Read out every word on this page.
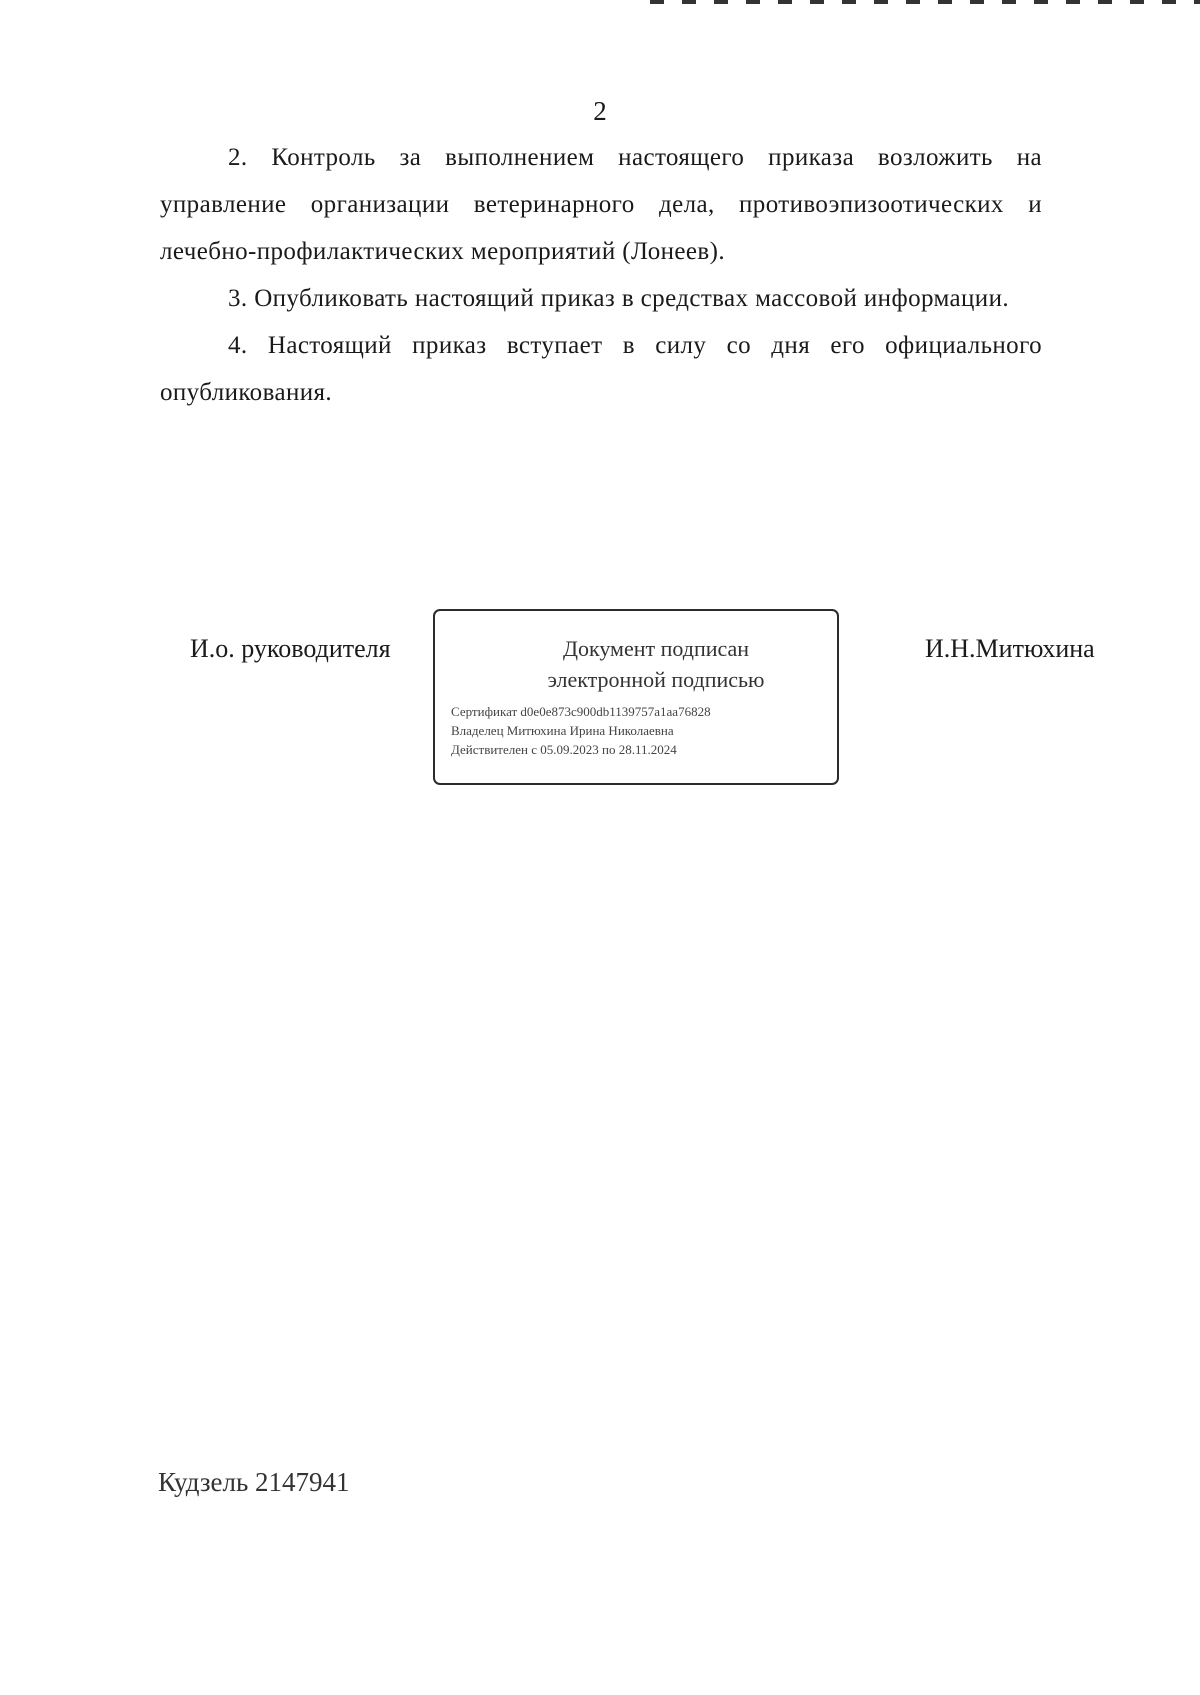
2

2. Контроль за выполнением настоящего приказа возложить на управление организации ветеринарного дела, противоэпизоотических и лечебно-профилактических мероприятий (Лонеев).

3. Опубликовать настоящий приказ в средствах массовой информации.

4. Настоящий приказ вступает в силу со дня его официального опубликования.

И.о. руководителя	Документ подписан
электронной подписью
Сертификат d0e0e873c900db1139757a1aa76828
Владелец Митюхина Ирина Николаевна
Действителен с 05.09.2023 по 28.11.2024
И.Н.Митюхина
Кудзель 2147941
